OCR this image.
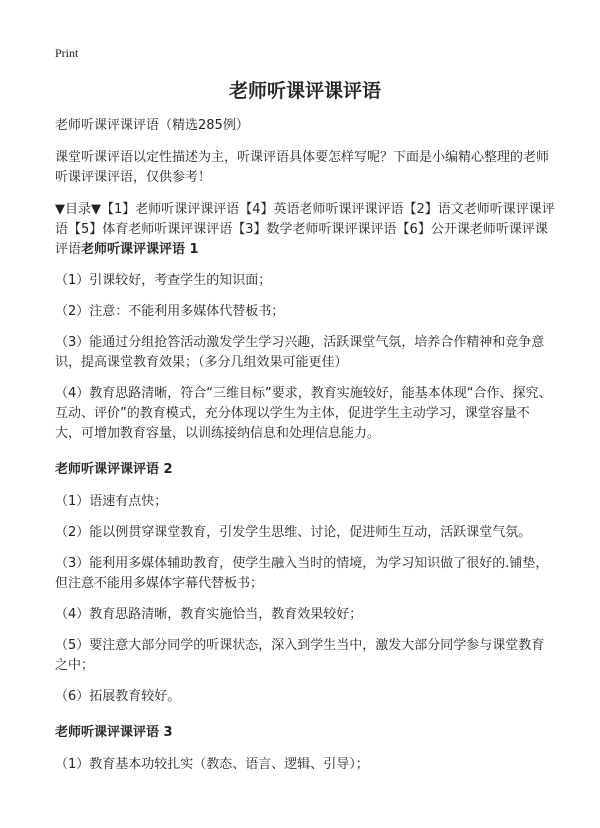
Print
老师听课评课评语

老师听课评课评语（精选285例）

课堂听课评语以定性描述为主，听课评语具体要怎样写呢？下面是小编精心整理的老师听课评课评语，仅供参考！

▼目录▼【1】老师听课评课评语【4】英语老师听课评课评语【2】语文老师听课评课评语【5】体育老师听课评课评语【3】数学老师听课评课评语【6】公开课老师听课评课评语老师听课评课评语 1

（1）引课较好，考查学生的知识面；

（2）注意：不能利用多媒体代替板书；

（3）能通过分组抢答活动激发学生学习兴趣，活跃课堂气氛，培养合作精神和竞争意识，提高课堂教育效果；（多分几组效果可能更佳）

（4）教育思路清晰，符合“三维目标”要求，教育实施较好，能基本体现“合作、探究、互动、评价”的教育模式，充分体现以学生为主体，促进学生主动学习，课堂容量不大，可增加教育容量，以训练接纳信息和处理信息能力。

老师听课评课评语 2

（1）语速有点快；

（2）能以例贯穿课堂教育，引发学生思维、讨论，促进师生互动，活跃课堂气氛。

（3）能利用多媒体辅助教育，使学生融入当时的情境，为学习知识做了很好的.铺垫，但注意不能用多媒体字幕代替板书；

（4）教育思路清晰，教育实施恰当，教育效果较好；

（5）要注意大部分同学的听课状态，深入到学生当中，激发大部分同学参与课堂教育之中；

（6）拓展教育较好。

老师听课评课评语 3

（1）教育基本功较扎实（教态、语言、逻辑、引导）；
